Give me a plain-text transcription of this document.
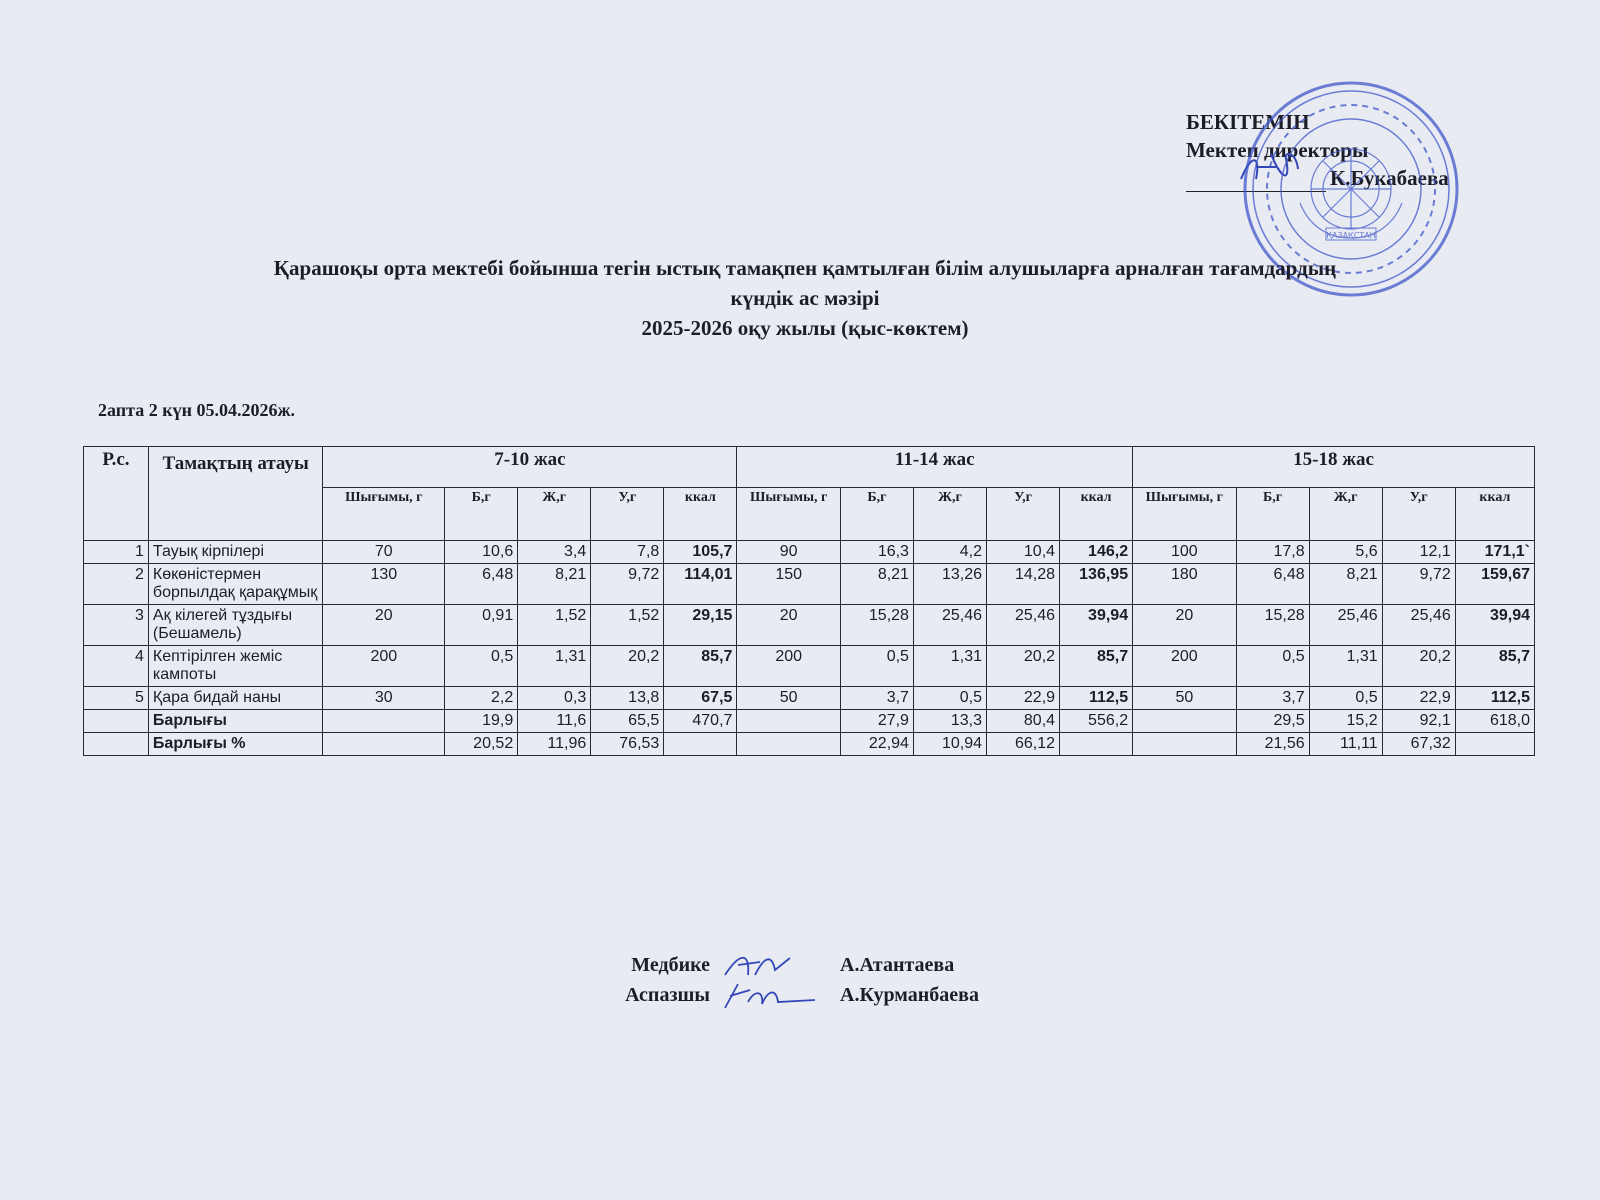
БЕКІТЕМІН
Мектеп директоры
К.Букабаева
ҚАЗАҚСТАН
Қарашоқы орта мектебі бойынша тегін ыстық тамақпен қамтылған білім алушыларға арналған тағамдардың
күндік ас мәзірі
2025-2026 оқу жылы (қыс-көктем)
2апта 2 күн 05.04.2026ж.
Р.с.	Тамақтың атауы	7-10 жас					11-14 жас					15-18 жас				
		Шығымы, г	Б,г	Ж,г	У,г	ккал	Шығымы, г	Б,г	Ж,г	У,г	ккал	Шығымы, г	Б,г	Ж,г	У,г	ккал
1	Тауық кірпілері	70	10,6	3,4	7,8	105,7	90	16,3	4,2	10,4	146,2	100	17,8	5,6	12,1	171,1`
2	Көкөністермен борпылдақ қарақұмық	130	6,48	8,21	9,72	114,01	150	8,21	13,26	14,28	136,95	180	6,48	8,21	9,72	159,67
3	Ақ кілегей тұздығы (Бешамель)	20	0,91	1,52	1,52	29,15	20	15,28	25,46	25,46	39,94	20	15,28	25,46	25,46	39,94
4	Кептірілген жеміс кампоты	200	0,5	1,31	20,2	85,7	200	0,5	1,31	20,2	85,7	200	0,5	1,31	20,2	85,7
5	Қара бидай наны	30	2,2	0,3	13,8	67,5	50	3,7	0,5	22,9	112,5	50	3,7	0,5	22,9	112,5
	Барлығы		19,9	11,6	65,5	470,7		27,9	13,3	80,4	556,2		29,5	15,2	92,1	618,0
	Барлығы %		20,52	11,96	76,53			22,94	10,94	66,12			21,56	11,11	67,32	
Медбике	А.Атантаева
Аспазшы	А.Курманбаева
